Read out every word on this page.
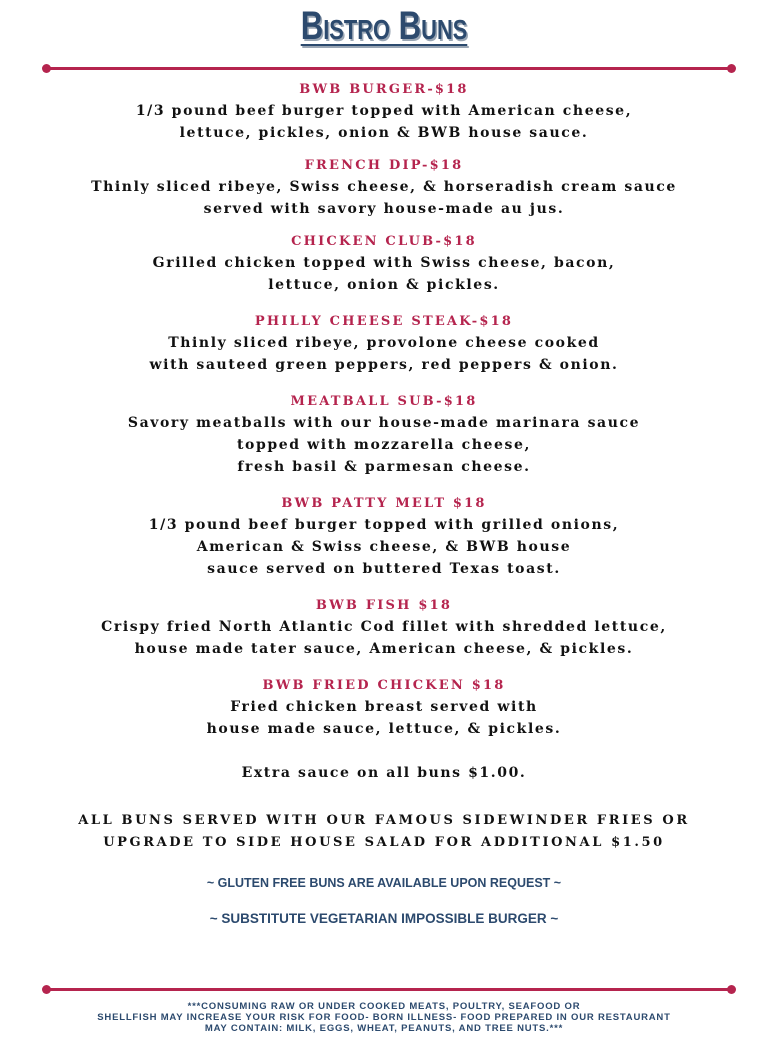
Bistro Buns

BWB BURGER-$18

1/3 pound beef burger topped with American cheese,
lettuce, pickles, onion & BWB house sauce.

FRENCH DIP-$18

Thinly sliced ribeye, Swiss cheese, & horseradish cream sauce
served with savory house-made au jus.

CHICKEN CLUB-$18

Grilled chicken topped with Swiss cheese, bacon,
lettuce, onion & pickles.

PHILLY CHEESE STEAK-$18

Thinly sliced ribeye, provolone cheese cooked
with sauteed green peppers, red peppers & onion.

MEATBALL SUB-$18

Savory meatballs with our house-made marinara sauce
topped with mozzarella cheese,
fresh basil & parmesan cheese.

BWB PATTY MELT $18

1/3 pound beef burger topped with grilled onions,
American & Swiss cheese, & BWB house
sauce served on buttered Texas toast.

BWB FISH $18

Crispy fried North Atlantic Cod fillet with shredded lettuce,
house made tater sauce, American cheese, & pickles.

BWB FRIED CHICKEN $18

Fried chicken breast served with
house made sauce, lettuce, & pickles.

Extra sauce on all buns $1.00.

ALL BUNS SERVED WITH OUR FAMOUS SIDEWINDER FRIES OR
UPGRADE TO SIDE HOUSE SALAD FOR ADDITIONAL $1.50

~ GLUTEN FREE BUNS ARE AVAILABLE UPON REQUEST ~

~ SUBSTITUTE VEGETARIAN IMPOSSIBLE BURGER ~

***CONSUMING RAW OR UNDER COOKED MEATS, POULTRY, SEAFOOD OR
SHELLFISH MAY INCREASE YOUR RISK FOR FOOD- BORN ILLNESS- FOOD PREPARED IN OUR RESTAURANT
MAY CONTAIN: MILK, EGGS, WHEAT, PEANUTS, AND TREE NUTS.***
